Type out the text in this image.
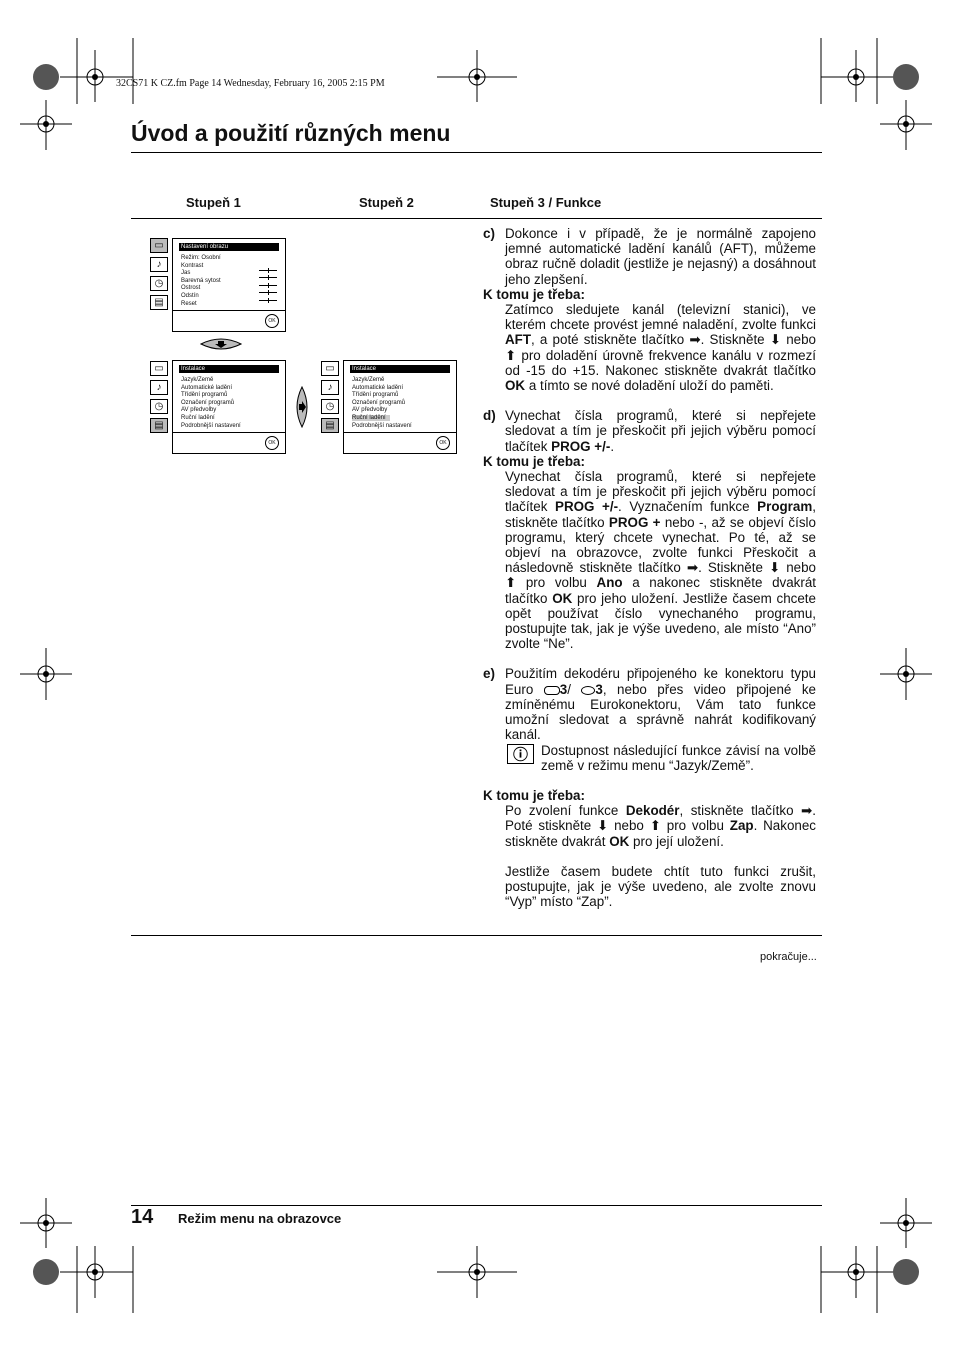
32CS71 K CZ.fm Page 14 Wednesday, February 16, 2005 2:15 PM
Úvod a použití různých menu
Stupeň 1	Stupeň 2	Stupeň 3 / Funkce
▭
♪
◷
▤
Nastavení obrazu
Režim: Osobní
Kontrast
Jas
Barevná sytost
Ostrost
Odstín
Reset
OK
▭
♪
◷
▤
Instalace
Jazyk/Země
Automatické ladění
Třídění programů
Označení programů
AV předvolby
Ruční ladění
Podrobnější nastavení
OK
▭
♪
◷
▤
Instalace
Jazyk/Země
Automatické ladění
Třídění programů
Označení programů
AV předvolby
Ruční ladění
Podrobnější nastavení
OK
c) Dokonce i v případě, že je normálně zapojeno jemné automatické ladění kanálů (AFT), můžeme obraz ručně doladit (jestliže je nejasný) a dosáhnout jeho zlepšení.

K tomu je třeba:

Zatímco sledujete kanál (televizní stanici), ve kterém chcete provést jemné naladění, zvolte funkci AFT, a poté stiskněte tlačítko ➡. Stiskněte ⬇ nebo ⬆ pro doladění úrovně frekvence kanálu v rozmezí od -15 do +15. Nakonec stiskněte dvakrát tlačítko OK a tímto se nové doladění uloží do paměti.

d) Vynechat čísla programů, které si nepřejete sledovat a tím je přeskočit při jejich výběru pomocí tlačítek PROG +/-.

K tomu je třeba:

Vynechat čísla programů, které si nepřejete sledovat a tím je přeskočit při jejich výběru pomocí tlačítek PROG +/-. Vyznačením funkce Program, stiskněte tlačítko PROG + nebo -, až se objeví číslo programu, který chcete vynechat. Po té, až se objeví na obrazovce, zvolte funkci Přeskočit a následovně stiskněte tlačítko ➡. Stiskněte ⬇ nebo ⬆ pro volbu Ano a nakonec stiskněte dvakrát tlačítko OK pro jeho uložení. Jestliže časem chcete opět používat číslo vynechaného programu, postupujte tak, jak je výše uvedeno, ale místo “Ano” zvolte “Ne”.

e) Použitím dekodéru připojeného ke konektoru typu Euro 3/ 3, nebo přes video připojené ke zmíněnému Eurokonektoru, Vám tato funkce umožní sledovat a správně nahrát kodifikovaný kanál.

Dostupnost následující funkce závisí na volbě země v režimu menu “Jazyk/Země”.

K tomu je třeba:

Po zvolení funkce Dekodér, stiskněte tlačítko ➡. Poté stiskněte ⬇ nebo ⬆ pro volbu Zap. Nakonec stiskněte dvakrát OK pro její uložení.

Jestliže časem budete chtít tuto funkci zrušit, postupujte, jak je výše uvedeno, ale zvolte znovu “Vyp” místo “Zap”.

pokračuje...
14 Režim menu na obrazovce
